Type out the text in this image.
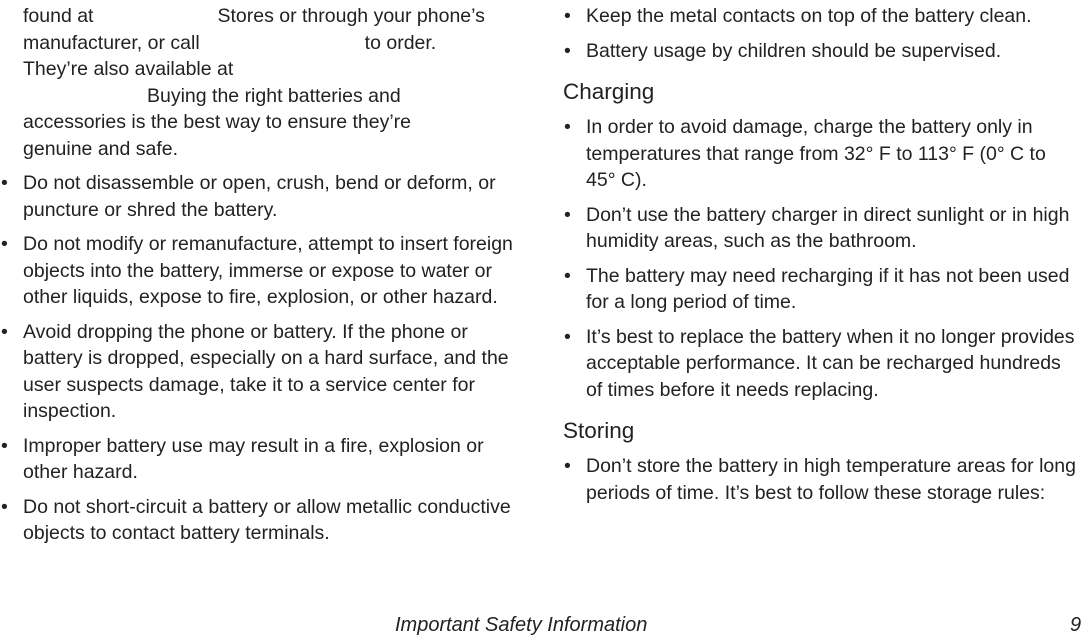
found at	Stores or through your phone’s
manufacturer, or call	to order.
They’re also available at
Buying the right batteries and
accessories is the best way to ensure they’re
genuine and safe.
• Do not disassemble or open, crush, bend or deform, or puncture or shred the battery.
• Do not modify or remanufacture, attempt to insert foreign objects into the battery, immerse or expose to water or other liquids, expose to fire, explosion, or other hazard.
• Avoid dropping the phone or battery. If the phone or battery is dropped, especially on a hard surface, and the user suspects damage, take it to a service center for inspection.
• Improper battery use may result in a fire, explosion or other hazard.
• Do not short-circuit a battery or allow metallic conductive objects to contact battery terminals.
• Keep the metal contacts on top of the battery clean.
• Battery usage by children should be supervised.
Charging
• In order to avoid damage, charge the battery only in temperatures that range from 32° F to 113° F (0° C to 45° C).
• Don’t use the battery charger in direct sunlight or in high humidity areas, such as the bathroom.
• The battery may need recharging if it has not been used for a long period of time.
• It’s best to replace the battery when it no longer provides acceptable performance. It can be recharged hundreds of times before it needs replacing.
Storing
• Don’t store the battery in high temperature areas for long periods of time. It’s best to follow these storage rules:
Important Safety Information	9
